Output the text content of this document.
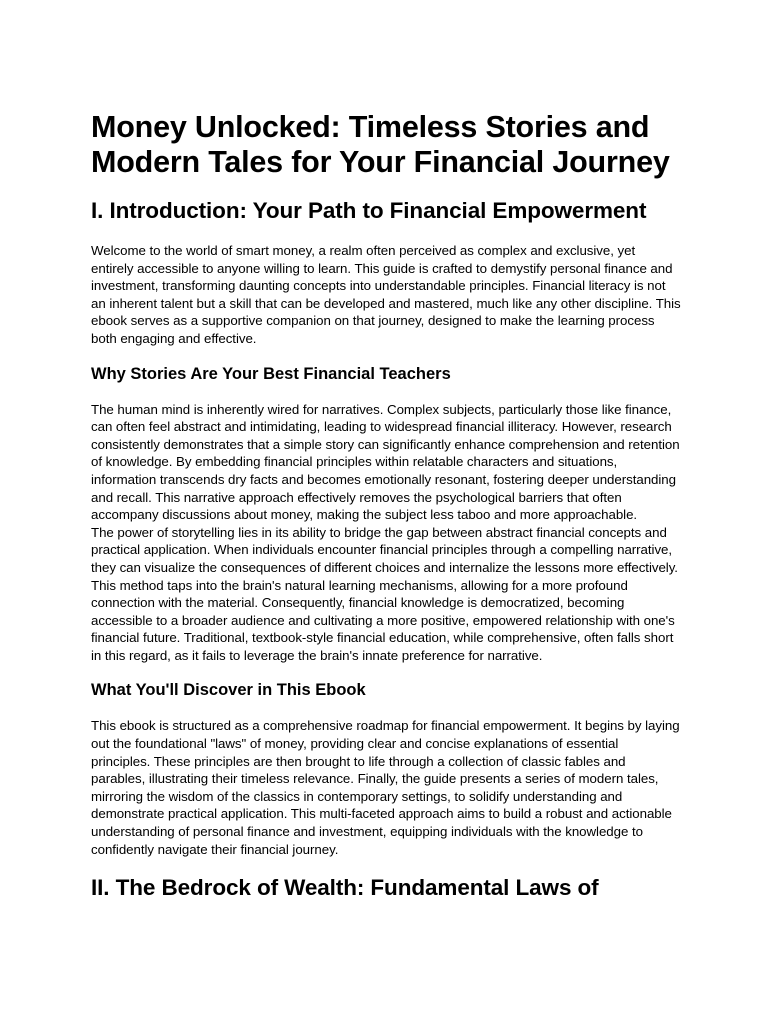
Money Unlocked: Timeless Stories and Modern Tales for Your Financial Journey
I. Introduction: Your Path to Financial Empowerment

Welcome to the world of smart money, a realm often perceived as complex and exclusive, yet entirely accessible to anyone willing to learn. This guide is crafted to demystify personal finance and investment, transforming daunting concepts into understandable principles. Financial literacy is not an inherent talent but a skill that can be developed and mastered, much like any other discipline. This ebook serves as a supportive companion on that journey, designed to make the learning process both engaging and effective.

Why Stories Are Your Best Financial Teachers

The human mind is inherently wired for narratives. Complex subjects, particularly those like finance, can often feel abstract and intimidating, leading to widespread financial illiteracy. However, research consistently demonstrates that a simple story can significantly enhance comprehension and retention of knowledge. By embedding financial principles within relatable characters and situations, information transcends dry facts and becomes emotionally resonant, fostering deeper understanding and recall. This narrative approach effectively removes the psychological barriers that often accompany discussions about money, making the subject less taboo and more approachable.

The power of storytelling lies in its ability to bridge the gap between abstract financial concepts and practical application. When individuals encounter financial principles through a compelling narrative, they can visualize the consequences of different choices and internalize the lessons more effectively. This method taps into the brain's natural learning mechanisms, allowing for a more profound connection with the material. Consequently, financial knowledge is democratized, becoming accessible to a broader audience and cultivating a more positive, empowered relationship with one's financial future. Traditional, textbook-style financial education, while comprehensive, often falls short in this regard, as it fails to leverage the brain's innate preference for narrative.

What You'll Discover in This Ebook

This ebook is structured as a comprehensive roadmap for financial empowerment. It begins by laying out the foundational "laws" of money, providing clear and concise explanations of essential principles. These principles are then brought to life through a collection of classic fables and parables, illustrating their timeless relevance. Finally, the guide presents a series of modern tales, mirroring the wisdom of the classics in contemporary settings, to solidify understanding and demonstrate practical application. This multi-faceted approach aims to build a robust and actionable understanding of personal finance and investment, equipping individuals with the knowledge to confidently navigate their financial journey.

II. The Bedrock of Wealth: Fundamental Laws of
